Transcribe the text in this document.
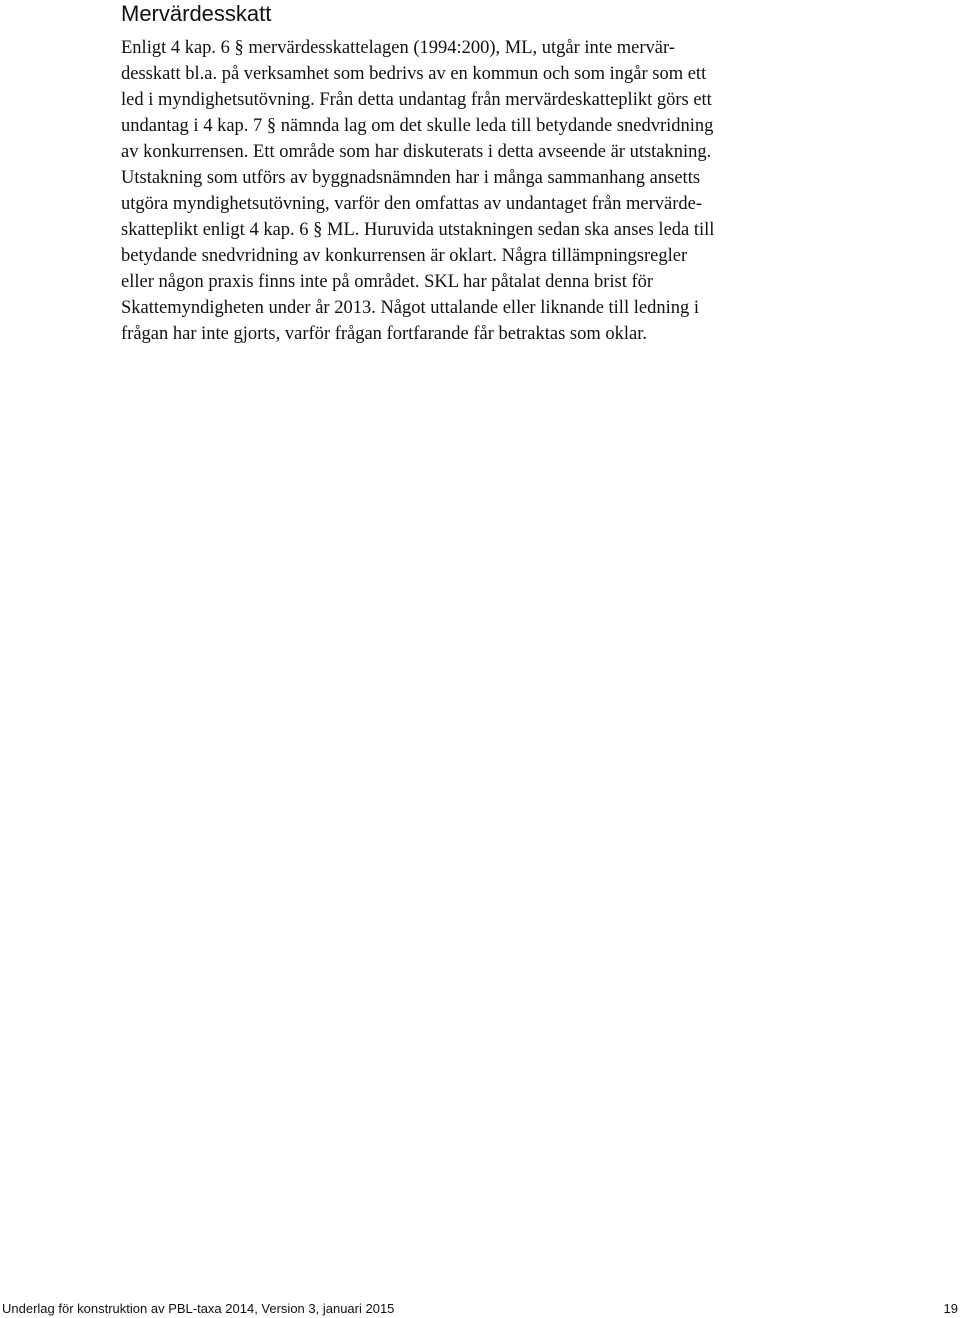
Mervärdesskatt
Enligt 4 kap. 6 § mervärdesskattelagen (1994:200), ML, utgår inte mervär-
desskatt bl.a. på verksamhet som bedrivs av en kommun och som ingår som ett
led i myndighetsutövning. Från detta undantag från mervärdeskatteplikt görs ett
undantag i 4 kap. 7 § nämnda lag om det skulle leda till betydande snedvridning
av konkurrensen. Ett område som har diskuterats i detta avseende är utstakning.
Utstakning som utförs av byggnadsnämnden har i många sammanhang ansetts
utgöra myndighetsutövning, varför den omfattas av undantaget från mervärde-
skatteplikt enligt 4 kap. 6 § ML. Huruvida utstakningen sedan ska anses leda till
betydande snedvridning av konkurrensen är oklart. Några tillämpningsregler
eller någon praxis finns inte på området. SKL har påtalat denna brist för
Skattemyndigheten under år 2013. Något uttalande eller liknande till ledning i
frågan har inte gjorts, varför frågan fortfarande får betraktas som oklar.
Underlag för konstruktion av PBL-taxa 2014, Version 3, januari 2015	19
